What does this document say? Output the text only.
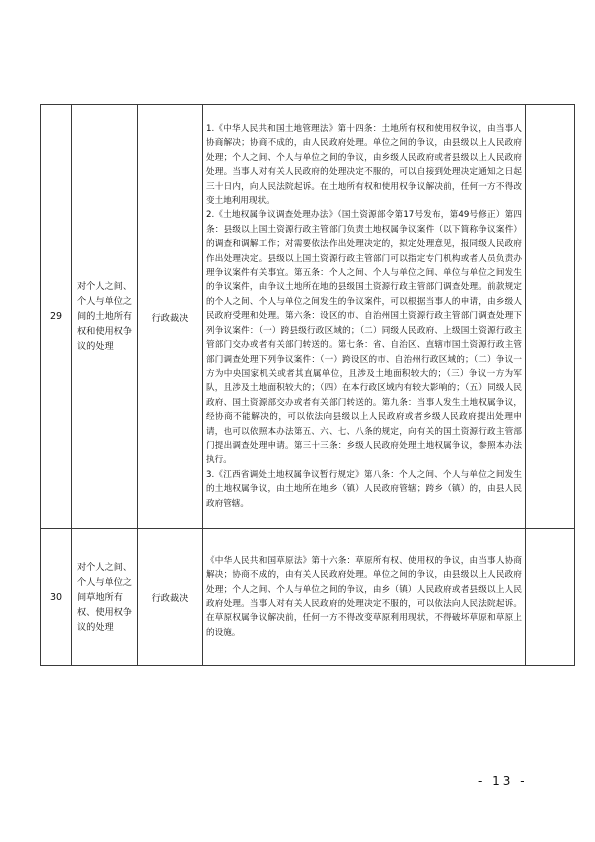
29	对个人之间、个人与单位之间的土地所有权和使用权争议的处理	行政裁决	1.《中华人民共和国土地管理法》第十四条：土地所有权和使用权争议，由当事人协商解决；协商不成的，由人民政府处理。单位之间的争议，由县级以上人民政府处理；个人之间、个人与单位之间的争议，由乡级人民政府或者县级以上人民政府处理。当事人对有关人民政府的处理决定不服的，可以自接到处理决定通知之日起三十日内，向人民法院起诉。在土地所有权和使用权争议解决前，任何一方不得改变土地利用现状。
2.《土地权属争议调查处理办法》（国土资源部令第17号发布，第49号修正）第四条：县级以上国土资源行政主管部门负责土地权属争议案件（以下简称争议案件）的调查和调解工作；对需要依法作出处理决定的，拟定处理意见，报同级人民政府作出处理决定。县级以上国土资源行政主管部门可以指定专门机构或者人员负责办理争议案件有关事宜。第五条：个人之间、个人与单位之间、单位与单位之间发生的争议案件，由争议土地所在地的县级国土资源行政主管部门调查处理。前款规定的个人之间、个人与单位之间发生的争议案件，可以根据当事人的申请，由乡级人民政府受理和处理。第六条：设区的市、自治州国土资源行政主管部门调查处理下列争议案件：（一）跨县级行政区域的；（二）同级人民政府、上级国土资源行政主管部门交办或者有关部门转送的。第七条：省、自治区、直辖市国土资源行政主管部门调查处理下列争议案件：（一）跨设区的市、自治州行政区域的；（二）争议一方为中央国家机关或者其直属单位，且涉及土地面积较大的；（三）争议一方为军队，且涉及土地面积较大的；（四）在本行政区域内有较大影响的；（五）同级人民政府、国土资源部交办或者有关部门转送的。第九条：当事人发生土地权属争议，经协商不能解决的，可以依法向县级以上人民政府或者乡级人民政府提出处理申请，也可以依照本办法第五、六、七、八条的规定，向有关的国土资源行政主管部门提出调查处理申请。第三十三条：乡级人民政府处理土地权属争议，参照本办法执行。
3.《江西省调处土地权属争议暂行规定》第八条：个人之间、个人与单位之间发生的土地权属争议，由土地所在地乡（镇）人民政府管辖；跨乡（镇）的，由县人民政府管辖。	

30	对个人之间、个人与单位之间草地所有权、使用权争议的处理	行政裁决	《中华人民共和国草原法》第十六条：草原所有权、使用权的争议，由当事人协商解决；协商不成的，由有关人民政府处理。单位之间的争议，由县级以上人民政府处理；个人之间、个人与单位之间的争议，由乡（镇）人民政府或者县级以上人民政府处理。当事人对有关人民政府的处理决定不服的，可以依法向人民法院起诉。在草原权属争议解决前，任何一方不得改变草原利用现状，不得破坏草原和草原上的设施。	

- 13 -
